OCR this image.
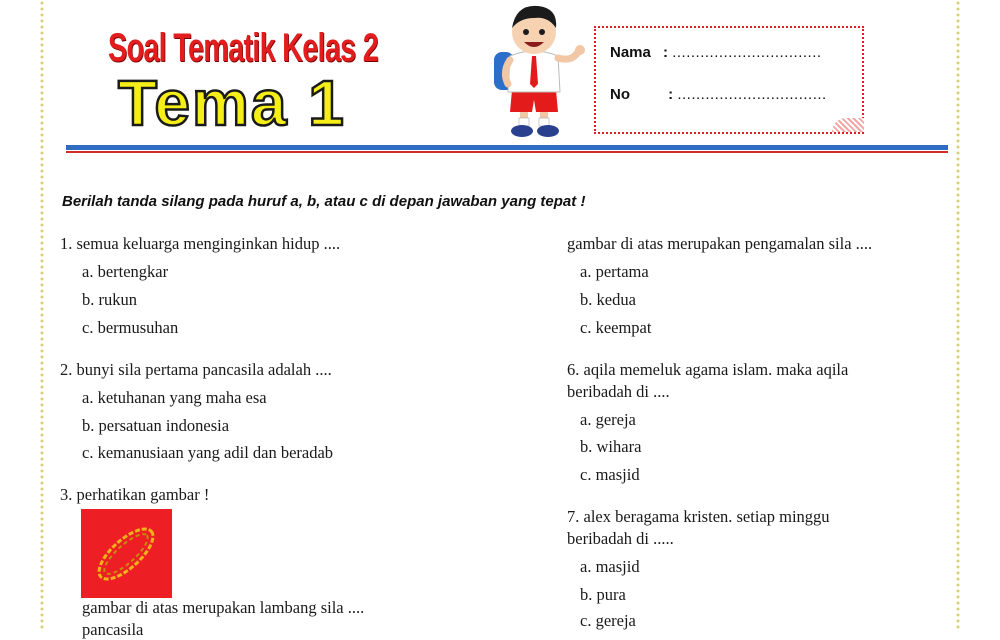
Soal Tematik Kelas 2
Tema 1
Nama : ................................
No	: ................................
Berilah tanda silang pada huruf a, b, atau c di depan jawaban yang tepat !
1. semua keluarga menginginkan hidup ....
a. bertengkar
b. rukun
c. bermusuhan
2. bunyi sila pertama pancasila adalah ....
a. ketuhanan yang maha esa
b. persatuan indonesia
c. kemanusiaan yang adil dan beradab
3. perhatikan gambar !
gambar di atas merupakan lambang sila ....
pancasila
gambar di atas merupakan pengamalan sila ....
a. pertama
b. kedua
c. keempat
6. aqila memeluk agama islam. maka aqila
beribadah di ....
a. gereja
b. wihara
c. masjid
7. alex beragama kristen. setiap minggu
beribadah di .....
a. masjid
b. pura
c. gereja
